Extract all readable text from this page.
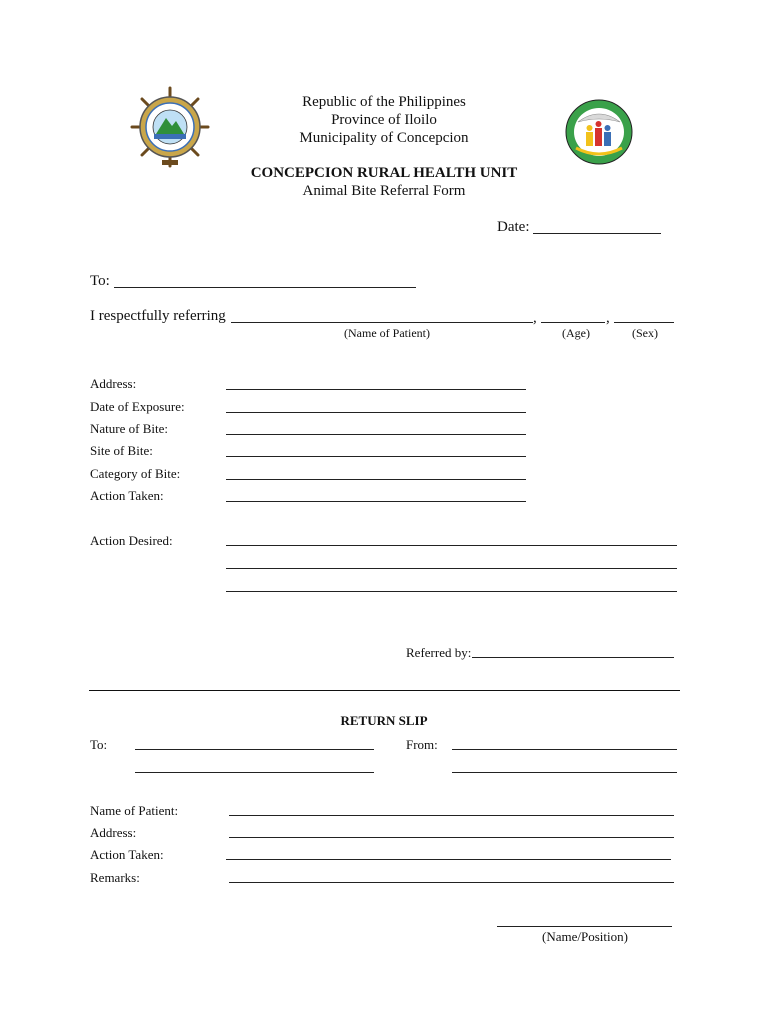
Republic of the Philippines
Province of Iloilo
Municipality of Concepcion
CONCEPCION RURAL HEALTH UNIT
Animal Bite Referral Form
Date:
To:
I respectfully referring	,	,
(Name of Patient)	(Age)	(Sex)
Address:
Date of Exposure:
Nature of Bite:
Site of Bite:
Category of Bite:
Action Taken:
Action Desired:
Referred by:
RETURN SLIP
To:	From:
Name of Patient:
Address:
Action Taken:
Remarks:
(Name/Position)
